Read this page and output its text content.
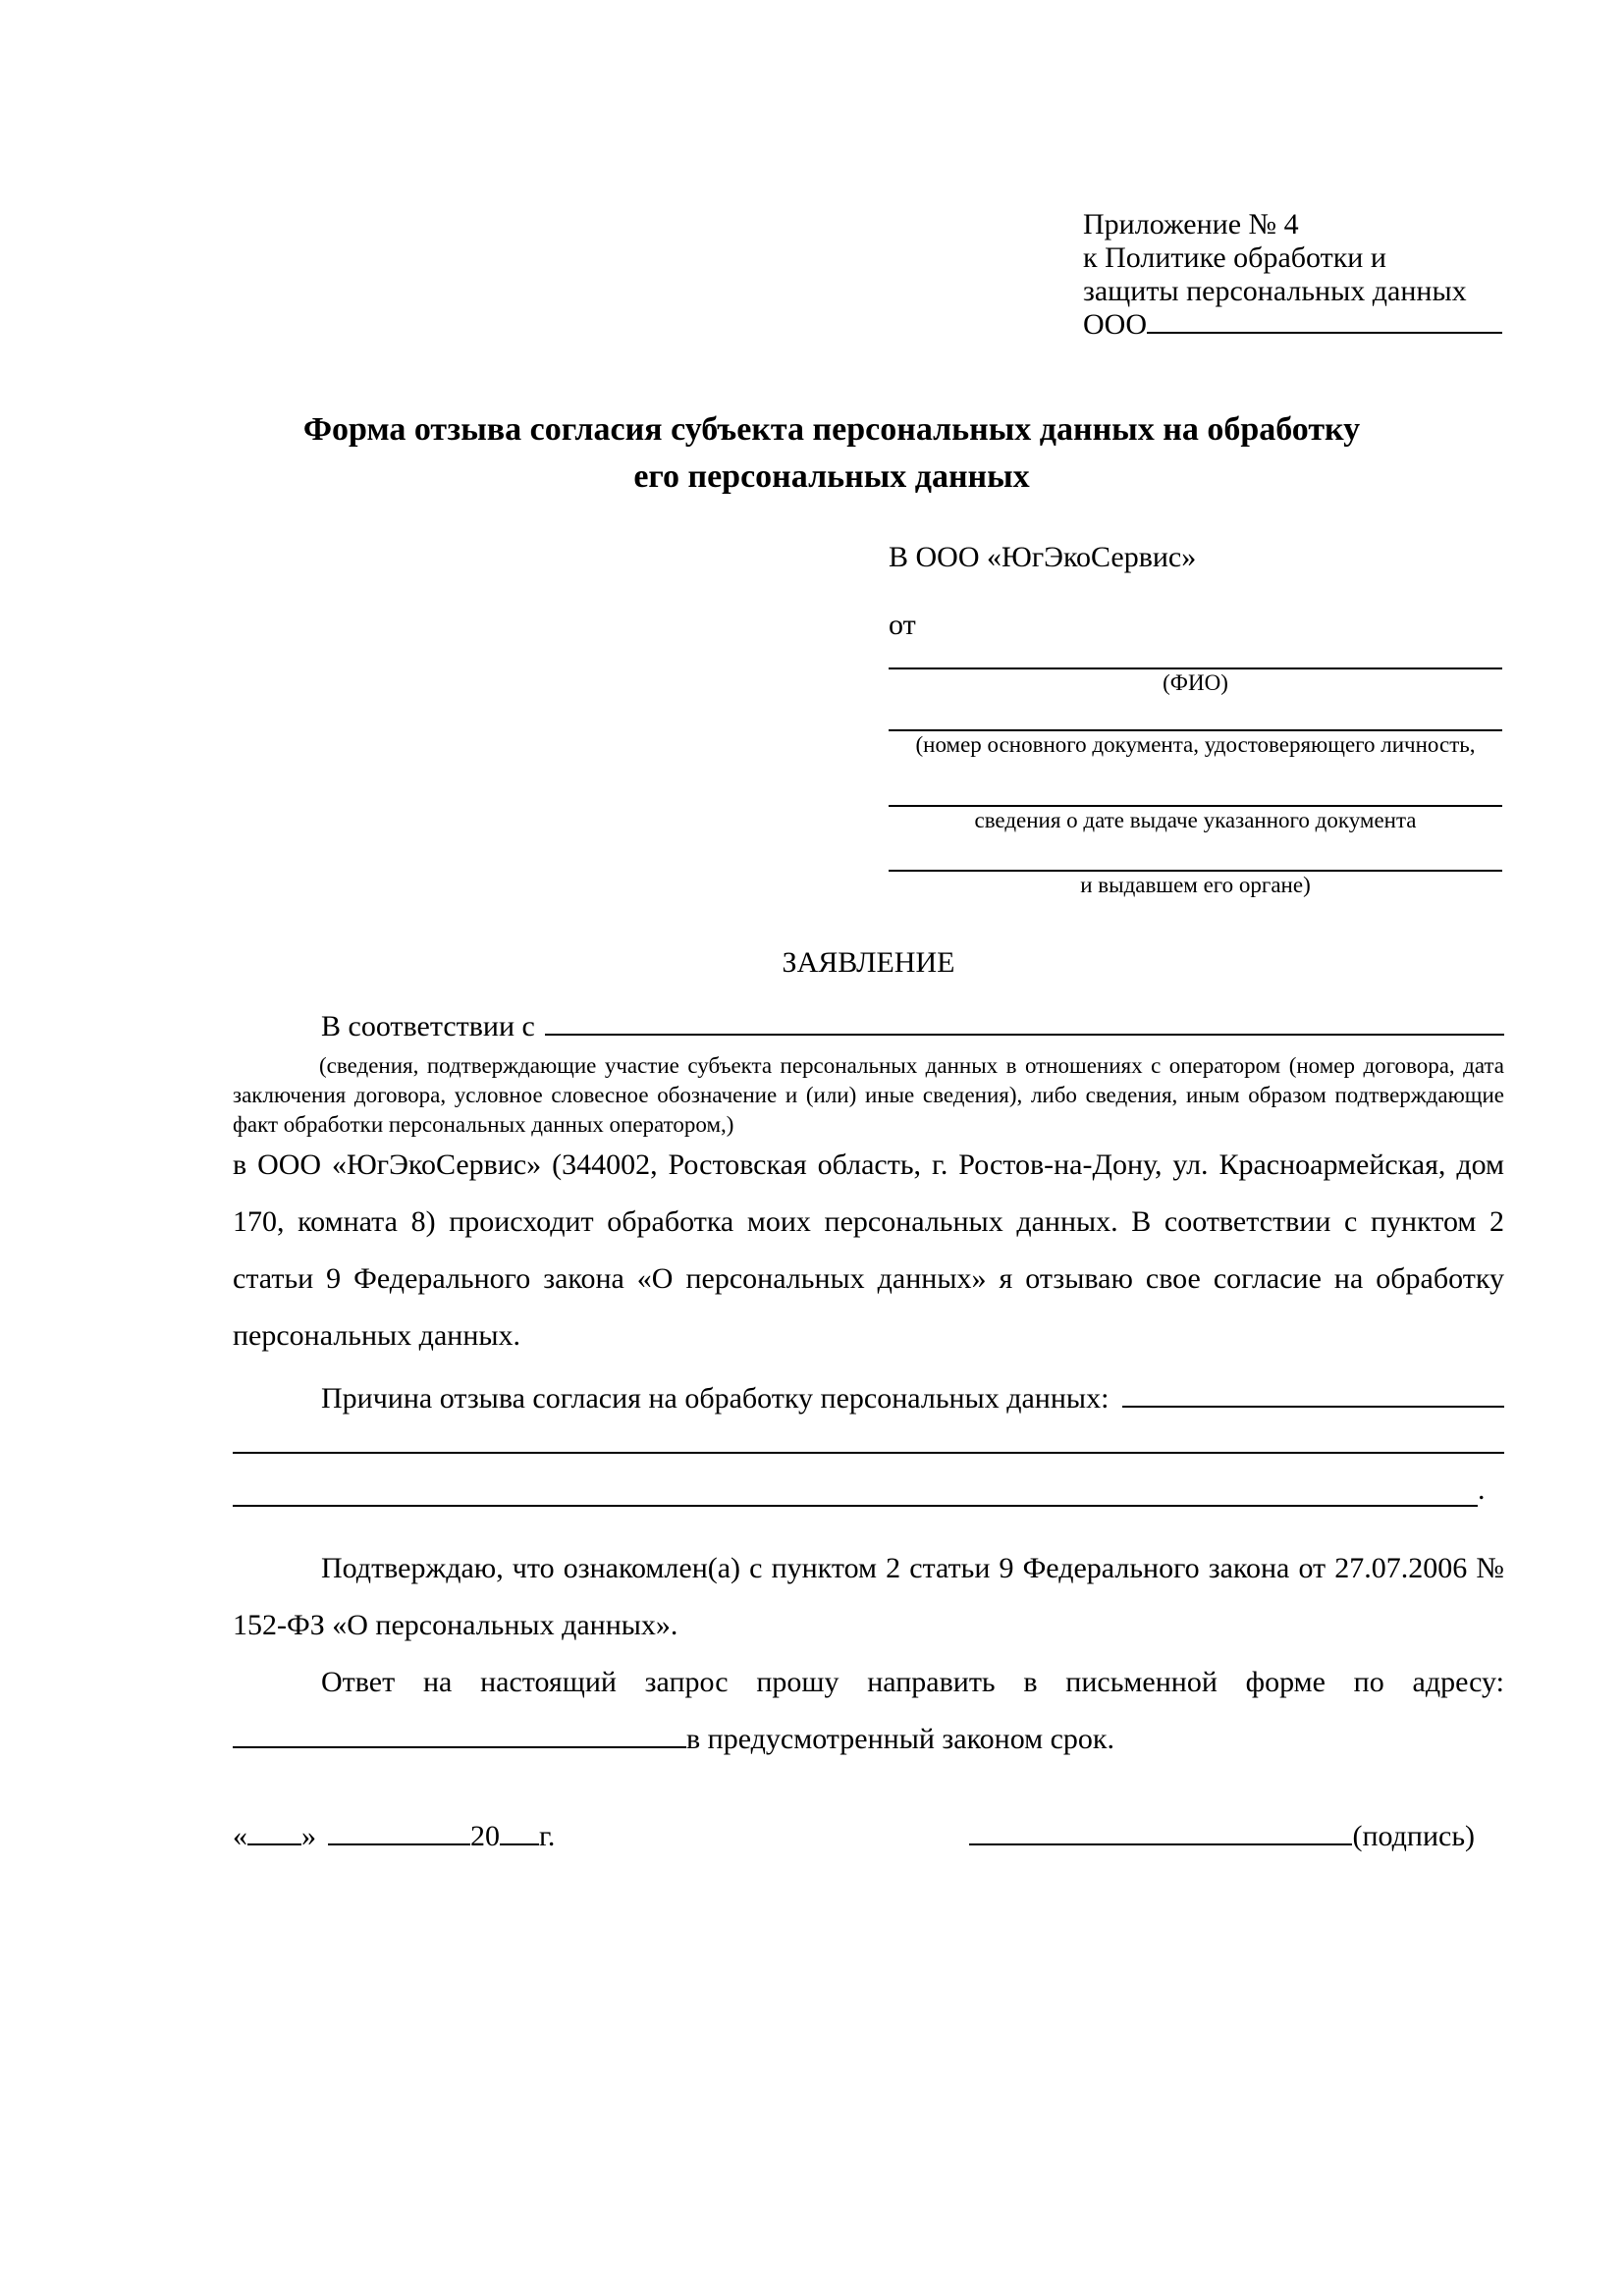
Приложение № 4
к Политике обработки и
защиты персональных данных
ООО
Форма отзыва согласия субъекта персональных данных на обработку
его персональных данных
В ООО «ЮгЭкоСервис»
от
(ФИО)
(номер основного документа, удостоверяющего личность,
сведения о дате выдаче указанного документа
и выдавшем его органе)
ЗАЯВЛЕНИЕ
В соответствии с
(сведения, подтверждающие участие субъекта персональных данных в отношениях с оператором (номер договора, дата заключения договора, условное словесное обозначение и (или) иные сведения), либо сведения, иным образом подтверждающие факт обработки персональных данных оператором,)
в ООО «ЮгЭкоСервис» (344002, Ростовская область, г. Ростов-на-Дону, ул. Красноармейская, дом 170, комната 8) происходит обработка моих персональных данных. В соответствии с пунктом 2 статьи 9 Федерального закона «О персональных данных» я отзываю свое согласие на обработку персональных данных.
Причина отзыва согласия на обработку персональных данных:
.
Подтверждаю, что ознакомлен(а) с пунктом 2 статьи 9 Федерального закона от 27.07.2006 № 152-ФЗ «О персональных данных».
Ответ на настоящий запрос прошу направить в письменной форме по адресу:
в предусмотренный законом срок.
« »	20 г.	(подпись)
